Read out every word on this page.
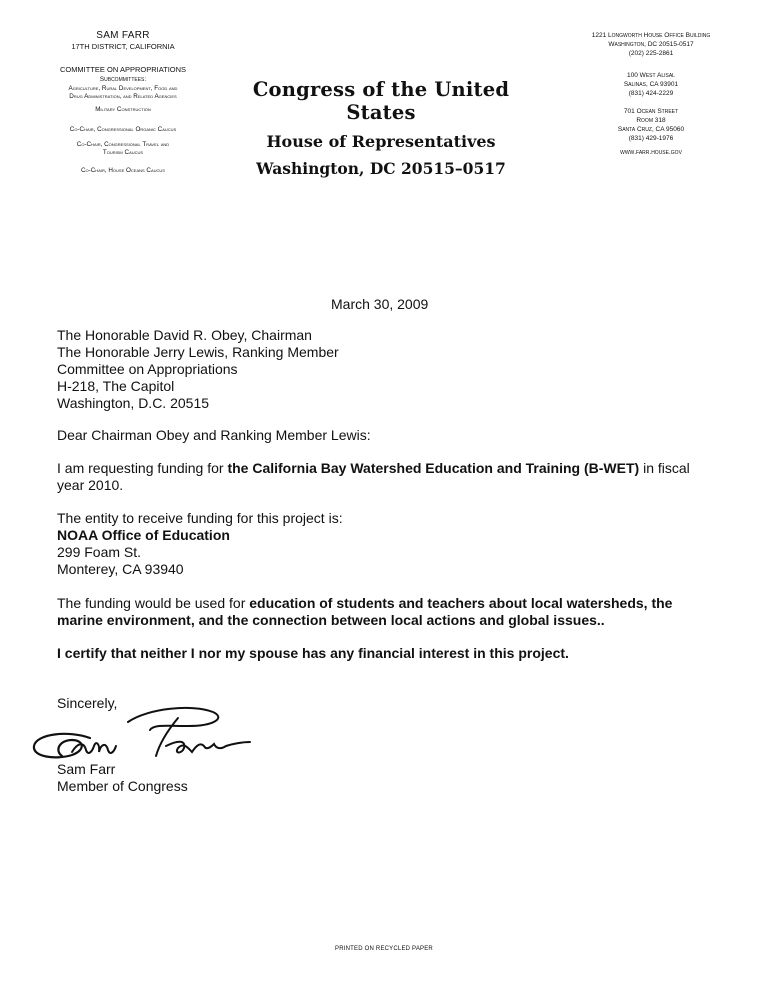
SAM FARR
17TH DISTRICT, CALIFORNIA
COMMITTEE ON APPROPRIATIONS
Subcommittees:
Agriculture, Rural Development, Food and
Drug Administration, and Related Agencies
Military Construction
Co-Chair, Congressional Organic Caucus
Co-Chair, Congressional Travel and
Tourism Caucus
Co-Chair, House Oceans Caucus
Congress of the United States
House of Representatives
Washington, DC 20515–0517
1221 Longworth House Office Building
Washington, DC 20515-0517
(202) 225-2861
100 West Alisal
Salinas, CA 93901
(831) 424-2229
701 Ocean Street
Room 318
Santa Cruz, CA 95060
(831) 429-1976
www.farr.house.gov
March 30, 2009
The Honorable David R. Obey, Chairman
The Honorable Jerry Lewis, Ranking Member
Committee on Appropriations
H-218, The Capitol
Washington, D.C. 20515
Dear Chairman Obey and Ranking Member Lewis:
I am requesting funding for the California Bay Watershed Education and Training (B-WET) in fiscal year 2010.
The entity to receive funding for this project is:
NOAA Office of Education
299 Foam St.
Monterey, CA 93940
The funding would be used for education of students and teachers about local watersheds, the marine environment, and the connection between local actions and global issues..
I certify that neither I nor my spouse has any financial interest in this project.
Sincerely,
Sam Farr
Member of Congress
PRINTED ON RECYCLED PAPER
